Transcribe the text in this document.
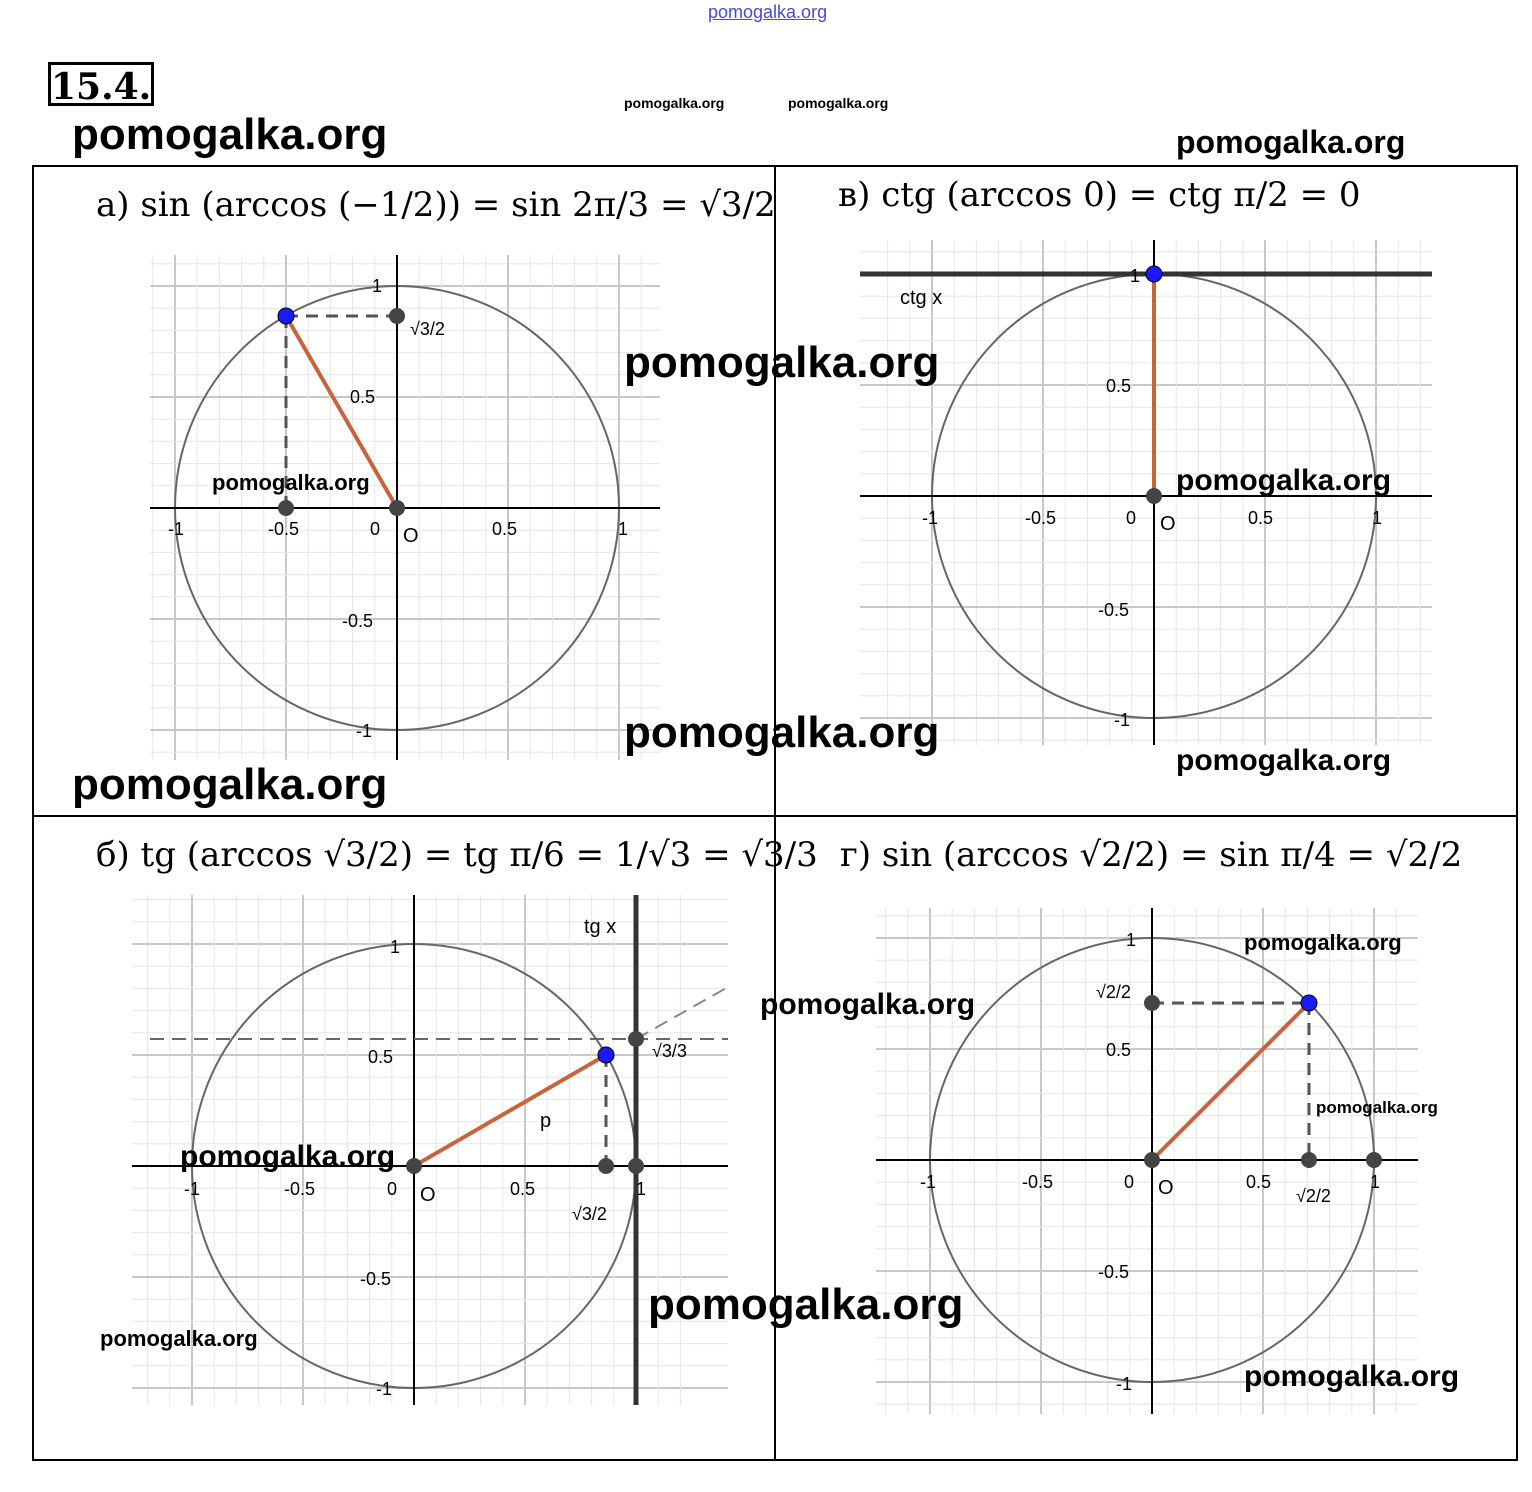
pomogalka.org
pomogalka.org	pomogalka.org
pomogalka.org	pomogalka.org
15.4.
а) sin (arccos (−1/2)) = sin 2π/3 = √3/2 в) ctg (arccos 0) = ctg π/2 = 0
б) tg (arccos √3/2) = tg π/6 = 1/√3 = √3/3 г) sin (arccos √2/2) = sin π/4 = √2/2
-1	-0.5	0	0.5	1
1
0.5
-0.5
-1
O
√3/2
ctg x
-1	-0.5	0	0.5	1
1
0.5
-0.5
-1
O
tg x
p
√3/3
√3/2
-1	-0.5	0	0.5	1
1
0.5
-0.5
-1
O
√2/2
√2/2
-1	-0.5	0	0.5	1
1
0.5
-0.5
-1
O
pomogalka.org
pomogalka.org	pomogalka.org
pomogalka.org
pomogalka.org
pomogalka.org
pomogalka.org
pomogalka.org
pomogalka.org
pomogalka.org
pomogalka.org
pomogalka.org
pomogalka.org
